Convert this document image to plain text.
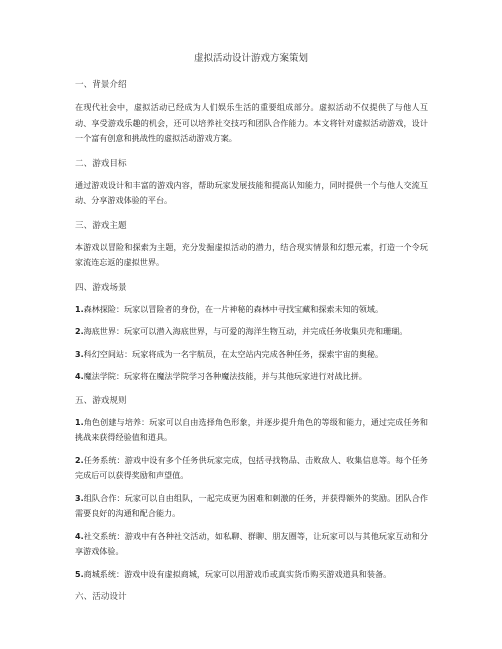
虚拟活动设计游戏方案策划
一、背景介绍
在现代社会中，虚拟活动已经成为人们娱乐生活的重要组成部分。虚拟活动不仅提供了与他人互动、享受游戏乐趣的机会，还可以培养社交技巧和团队合作能力。本文将针对虚拟活动游戏，设计一个富有创意和挑战性的虚拟活动游戏方案。
二、游戏目标
通过游戏设计和丰富的游戏内容，帮助玩家发展技能和提高认知能力，同时提供一个与他人交流互动、分享游戏体验的平台。
三、游戏主题
本游戏以冒险和探索为主题，充分发掘虚拟活动的潜力，结合现实情景和幻想元素，打造一个令玩家流连忘返的虚拟世界。
四、游戏场景
1.森林探险：玩家以冒险者的身份，在一片神秘的森林中寻找宝藏和探索未知的领域。
2.海底世界：玩家可以潜入海底世界，与可爱的海洋生物互动，并完成任务收集贝壳和珊瑚。
3.科幻空间站：玩家将成为一名宇航员，在太空站内完成各种任务，探索宇宙的奥秘。
4.魔法学院：玩家将在魔法学院学习各种魔法技能，并与其他玩家进行对战比拼。
五、游戏规则
1.角色创建与培养：玩家可以自由选择角色形象，并逐步提升角色的等级和能力，通过完成任务和挑战来获得经验值和道具。
2.任务系统：游戏中设有多个任务供玩家完成，包括寻找物品、击败敌人、收集信息等。每个任务完成后可以获得奖励和声望值。
3.组队合作：玩家可以自由组队，一起完成更为困难和刺激的任务，并获得额外的奖励。团队合作需要良好的沟通和配合能力。
4.社交系统：游戏中有各种社交活动，如私聊、群聊、朋友圈等，让玩家可以与其他玩家互动和分享游戏体验。
5.商城系统：游戏中设有虚拟商城，玩家可以用游戏币或真实货币购买游戏道具和装备。
六、活动设计
